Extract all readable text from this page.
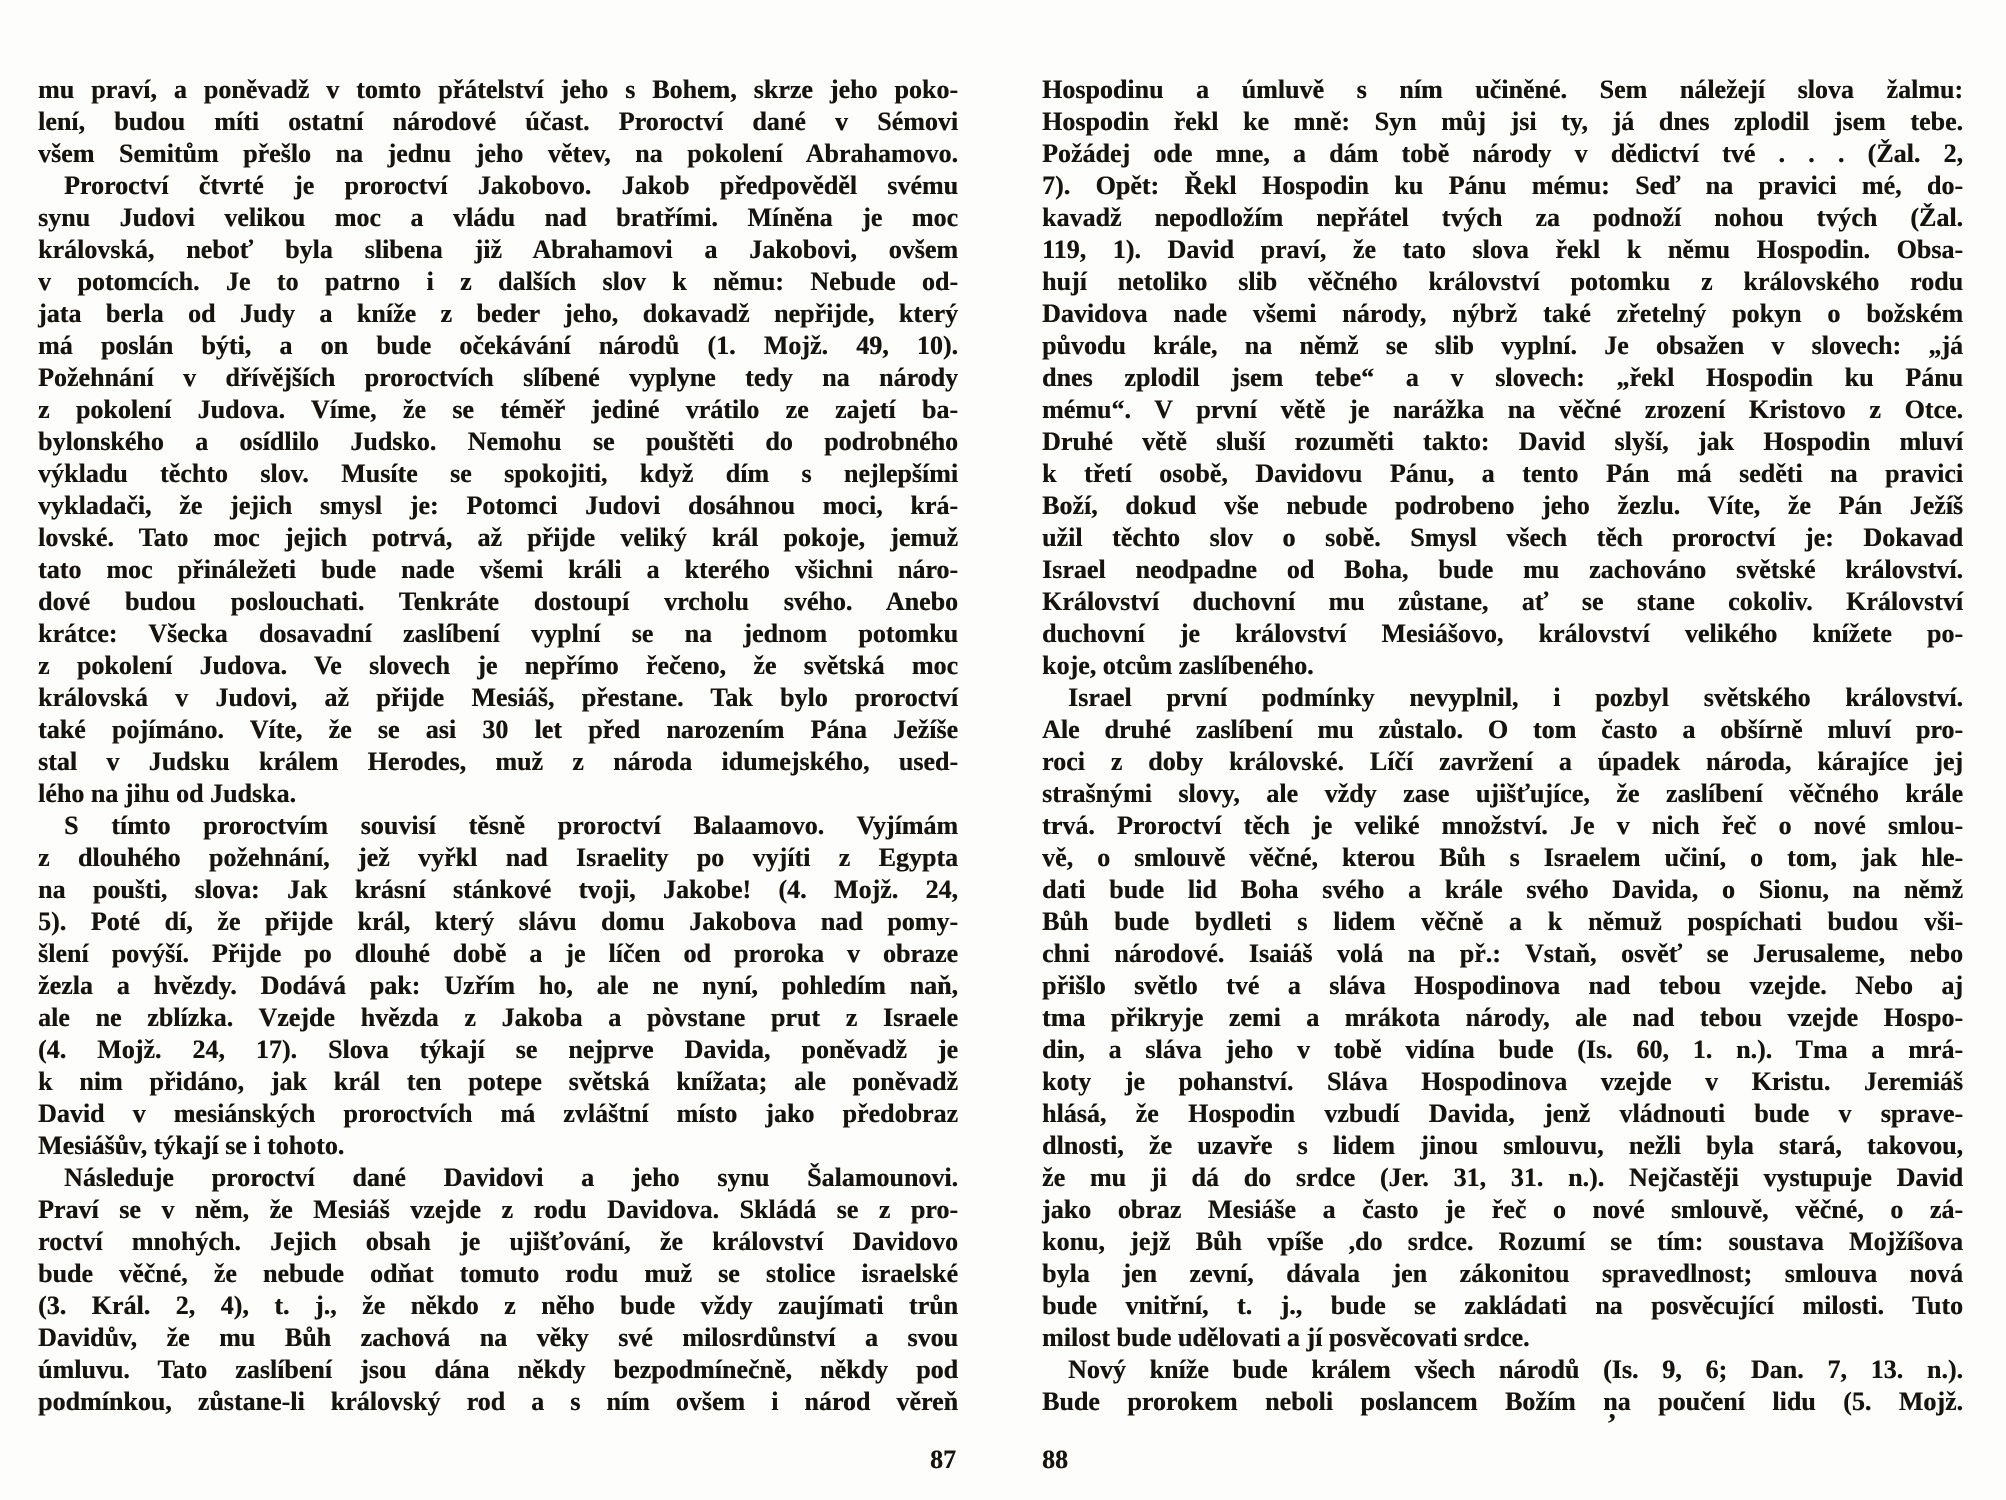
mu praví, a poněvadž v tomto přátelství jeho s Bohem, skrze jeho poko-
lení, budou míti ostatní národové účast. Proroctví dané v Sémovi
všem Semitům přešlo na jednu jeho větev, na pokolení Abrahamovo.
Proroctví čtvrté je proroctví Jakobovo. Jakob předpověděl svému
synu Judovi velikou moc a vládu nad bratřími. Míněna je moc
královská, neboť byla slibena již Abrahamovi a Jakobovi, ovšem
v potomcích. Je to patrno i z dalších slov k němu: Nebude od-
jata berla od Judy a kníže z beder jeho, dokavadž nepřijde, který
má poslán býti, a on bude očekávání národů (1. Mojž. 49, 10).
Požehnání v dřívějších proroctvích slíbené vyplyne tedy na národy
z pokolení Judova. Víme, že se téměř jediné vrátilo ze zajetí ba-
bylonského a osídlilo Judsko. Nemohu se pouštěti do podrobného
výkladu těchto slov. Musíte se spokojiti, když dím s nejlepšími
vykladači, že jejich smysl je: Potomci Judovi dosáhnou moci, krá-
lovské. Tato moc jejich potrvá, až přijde veliký král pokoje, jemuž
tato moc přináležeti bude nade všemi králi a kterého všichni náro-
dové budou poslouchati. Tenkráte dostoupí vrcholu svého. Anebo
krátce: Všecka dosavadní zaslíbení vyplní se na jednom potomku
z pokolení Judova. Ve slovech je nepřímo řečeno, že světská moc
královská v Judovi, až přijde Mesiáš, přestane. Tak bylo proroctví
také pojímáno. Víte, že se asi 30 let před narozením Pána Ježíše
stal v Judsku králem Herodes, muž z národa idumejského, used-
lého na jihu od Judska.
S tímto proroctvím souvisí těsně proroctví Balaamovo. Vyjímám
z dlouhého požehnání, jež vyřkl nad Israelity po vyjíti z Egypta
na poušti, slova: Jak krásní stánkové tvoji, Jakobe! (4. Mojž. 24,
5). Poté dí, že přijde král, který slávu domu Jakobova nad pomy-
šlení povýší. Přijde po dlouhé době a je líčen od proroka v obraze
žezla a hvězdy. Dodává pak: Uzřím ho, ale ne nyní, pohledím naň,
ale ne zblízka. Vzejde hvězda z Jakoba a pòvstane prut z Israele
(4. Mojž. 24, 17). Slova týkají se nejprve Davida, poněvadž je
k nim přidáno, jak král ten potepe světská knížata; ale poněvadž
David v mesiánských proroctvích má zvláštní místo jako předobraz
Mesiášův, týkají se i tohoto.
Následuje proroctví dané Davidovi a jeho synu Šalamounovi.
Praví se v něm, že Mesiáš vzejde z rodu Davidova. Skládá se z pro-
roctví mnohých. Jejich obsah je ujišťování, že království Davidovo
bude věčné, že nebude odňat tomuto rodu muž se stolice israelské
(3. Král. 2, 4), t. j., že někdo z něho bude vždy zaujímati trůn
Davidův, že mu Bůh zachová na věky své milosrdůnství a svou
úmluvu. Tato zaslíbení jsou dána někdy bezpodmínečně, někdy pod
podmínkou, zůstane-li královský rod a s ním ovšem i národ věreň
Hospodinu a úmluvě s ním učiněné. Sem náležejí slova žalmu:
Hospodin řekl ke mně: Syn můj jsi ty, já dnes zplodil jsem tebe.
Požádej ode mne, a dám tobě národy v dědictví tvé . . . (Žal. 2,
7). Opět: Řekl Hospodin ku Pánu mému: Seď na pravici mé, do-
kavadž nepodložím nepřátel tvých za podnoží nohou tvých (Žal.
119, 1). David praví, že tato slova řekl k němu Hospodin. Obsa-
hují netoliko slib věčného království potomku z královského rodu
Davidova nade všemi národy, nýbrž také zřetelný pokyn o božském
původu krále, na němž se slib vyplní. Je obsažen v slovech: „já
dnes zplodil jsem tebe“ a v slovech: „řekl Hospodin ku Pánu
mému“. V první větě je narážka na věčné zrození Kristovo z Otce.
Druhé větě sluší rozuměti takto: David slyší, jak Hospodin mluví
k třetí osobě, Davidovu Pánu, a tento Pán má seděti na pravici
Boží, dokud vše nebude podrobeno jeho žezlu. Víte, že Pán Ježíš
užil těchto slov o sobě. Smysl všech těch proroctví je: Dokavad
Israel neodpadne od Boha, bude mu zachováno světské království.
Království duchovní mu zůstane, ať se stane cokoliv. Království
duchovní je království Mesiášovo, království velikého knížete po-
koje, otcům zaslíbeného.
Israel první podmínky nevyplnil, i pozbyl světského království.
Ale druhé zaslíbení mu zůstalo. O tom často a obšírně mluví pro-
roci z doby královské. Líčí zavržení a úpadek národa, kárajíce jej
strašnými slovy, ale vždy zase ujišťujíce, že zaslíbení věčného krále
trvá. Proroctví těch je veliké množství. Je v nich řeč o nové smlou-
vě, o smlouvě věčné, kterou Bůh s Israelem učiní, o tom, jak hle-
dati bude lid Boha svého a krále svého Davida, o Sionu, na němž
Bůh bude bydleti s lidem věčně a k němuž pospíchati budou vši-
chni národové. Isaiáš volá na př.: Vstaň, osvěť se Jerusaleme, nebo
přišlo světlo tvé a sláva Hospodinova nad tebou vzejde. Nebo aj
tma přikryje zemi a mrákota národy, ale nad tebou vzejde Hospo-
din, a sláva jeho v tobě vidína bude (Is. 60, 1. n.). Tma a mrá-
koty je pohanství. Sláva Hospodinova vzejde v Kristu. Jeremiáš
hlásá, že Hospodin vzbudí Davida, jenž vládnouti bude v sprave-
dlnosti, že uzavře s lidem jinou smlouvu, nežli byla stará, takovou,
že mu ji dá do srdce (Jer. 31, 31. n.). Nejčastěji vystupuje David
jako obraz Mesiáše a často je řeč o nové smlouvě, věčné, o zá-
konu, jejž Bůh vpíše ,do srdce. Rozumí se tím: soustava Mojžíšova
byla jen zevní, dávala jen zákonitou spravedlnost; smlouva nová
bude vnitřní, t. j., bude se zakládati na posvěcující milosti. Tuto
milost bude udělovati a jí posvěcovati srdce.
Nový kníže bude králem všech národů (Is. 9, 6; Dan. 7, 13. n.).
Bude prorokem neboli poslancem Božím na poučení lidu (5. Mojž.
87	88
’
